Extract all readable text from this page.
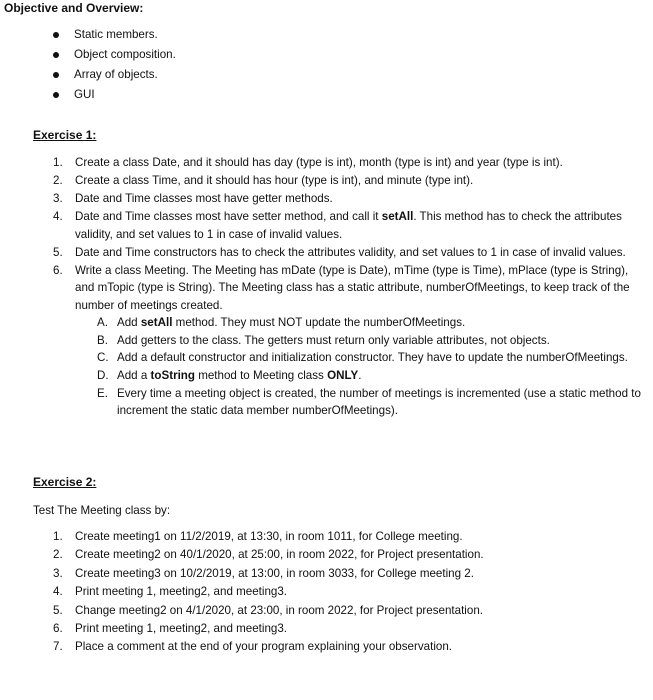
Objective and Overview:
Static members.
Object composition.
Array of objects.
GUI
Exercise 1:
1. Create a class Date, and it should has day (type is int), month (type is int) and year (type is int).
2. Create a class Time, and it should has hour (type is int), and minute (type int).
3. Date and Time classes most have getter methods.
4. Date and Time classes most have setter method, and call it setAll. This method has to check the attributes validity, and set values to 1 in case of invalid values.
5. Date and Time constructors has to check the attributes validity, and set values to 1 in case of invalid values.
6. Write a class Meeting. The Meeting has mDate (type is Date), mTime (type is Time), mPlace (type is String), and mTopic (type is String). The Meeting class has a static attribute, numberOfMeetings, to keep track of the number of meetings created.
A. Add setAll method. They must NOT update the numberOfMeetings.
B. Add getters to the class. The getters must return only variable attributes, not objects.
C. Add a default constructor and initialization constructor. They have to update the numberOfMeetings.
D. Add a toString method to Meeting class ONLY.
E. Every time a meeting object is created, the number of meetings is incremented (use a static method to increment the static data member numberOfMeetings).
Exercise 2:
Test The Meeting class by:
1. Create meeting1 on 11/2/2019, at 13:30, in room 1011, for College meeting.
2. Create meeting2 on 40/1/2020, at 25:00, in room 2022, for Project presentation.
3. Create meeting3 on 10/2/2019, at 13:00, in room 3033, for College meeting 2.
4. Print meeting 1, meeting2, and meeting3.
5. Change meeting2 on 4/1/2020, at 23:00, in room 2022, for Project presentation.
6. Print meeting 1, meeting2, and meeting3.
7. Place a comment at the end of your program explaining your observation.
